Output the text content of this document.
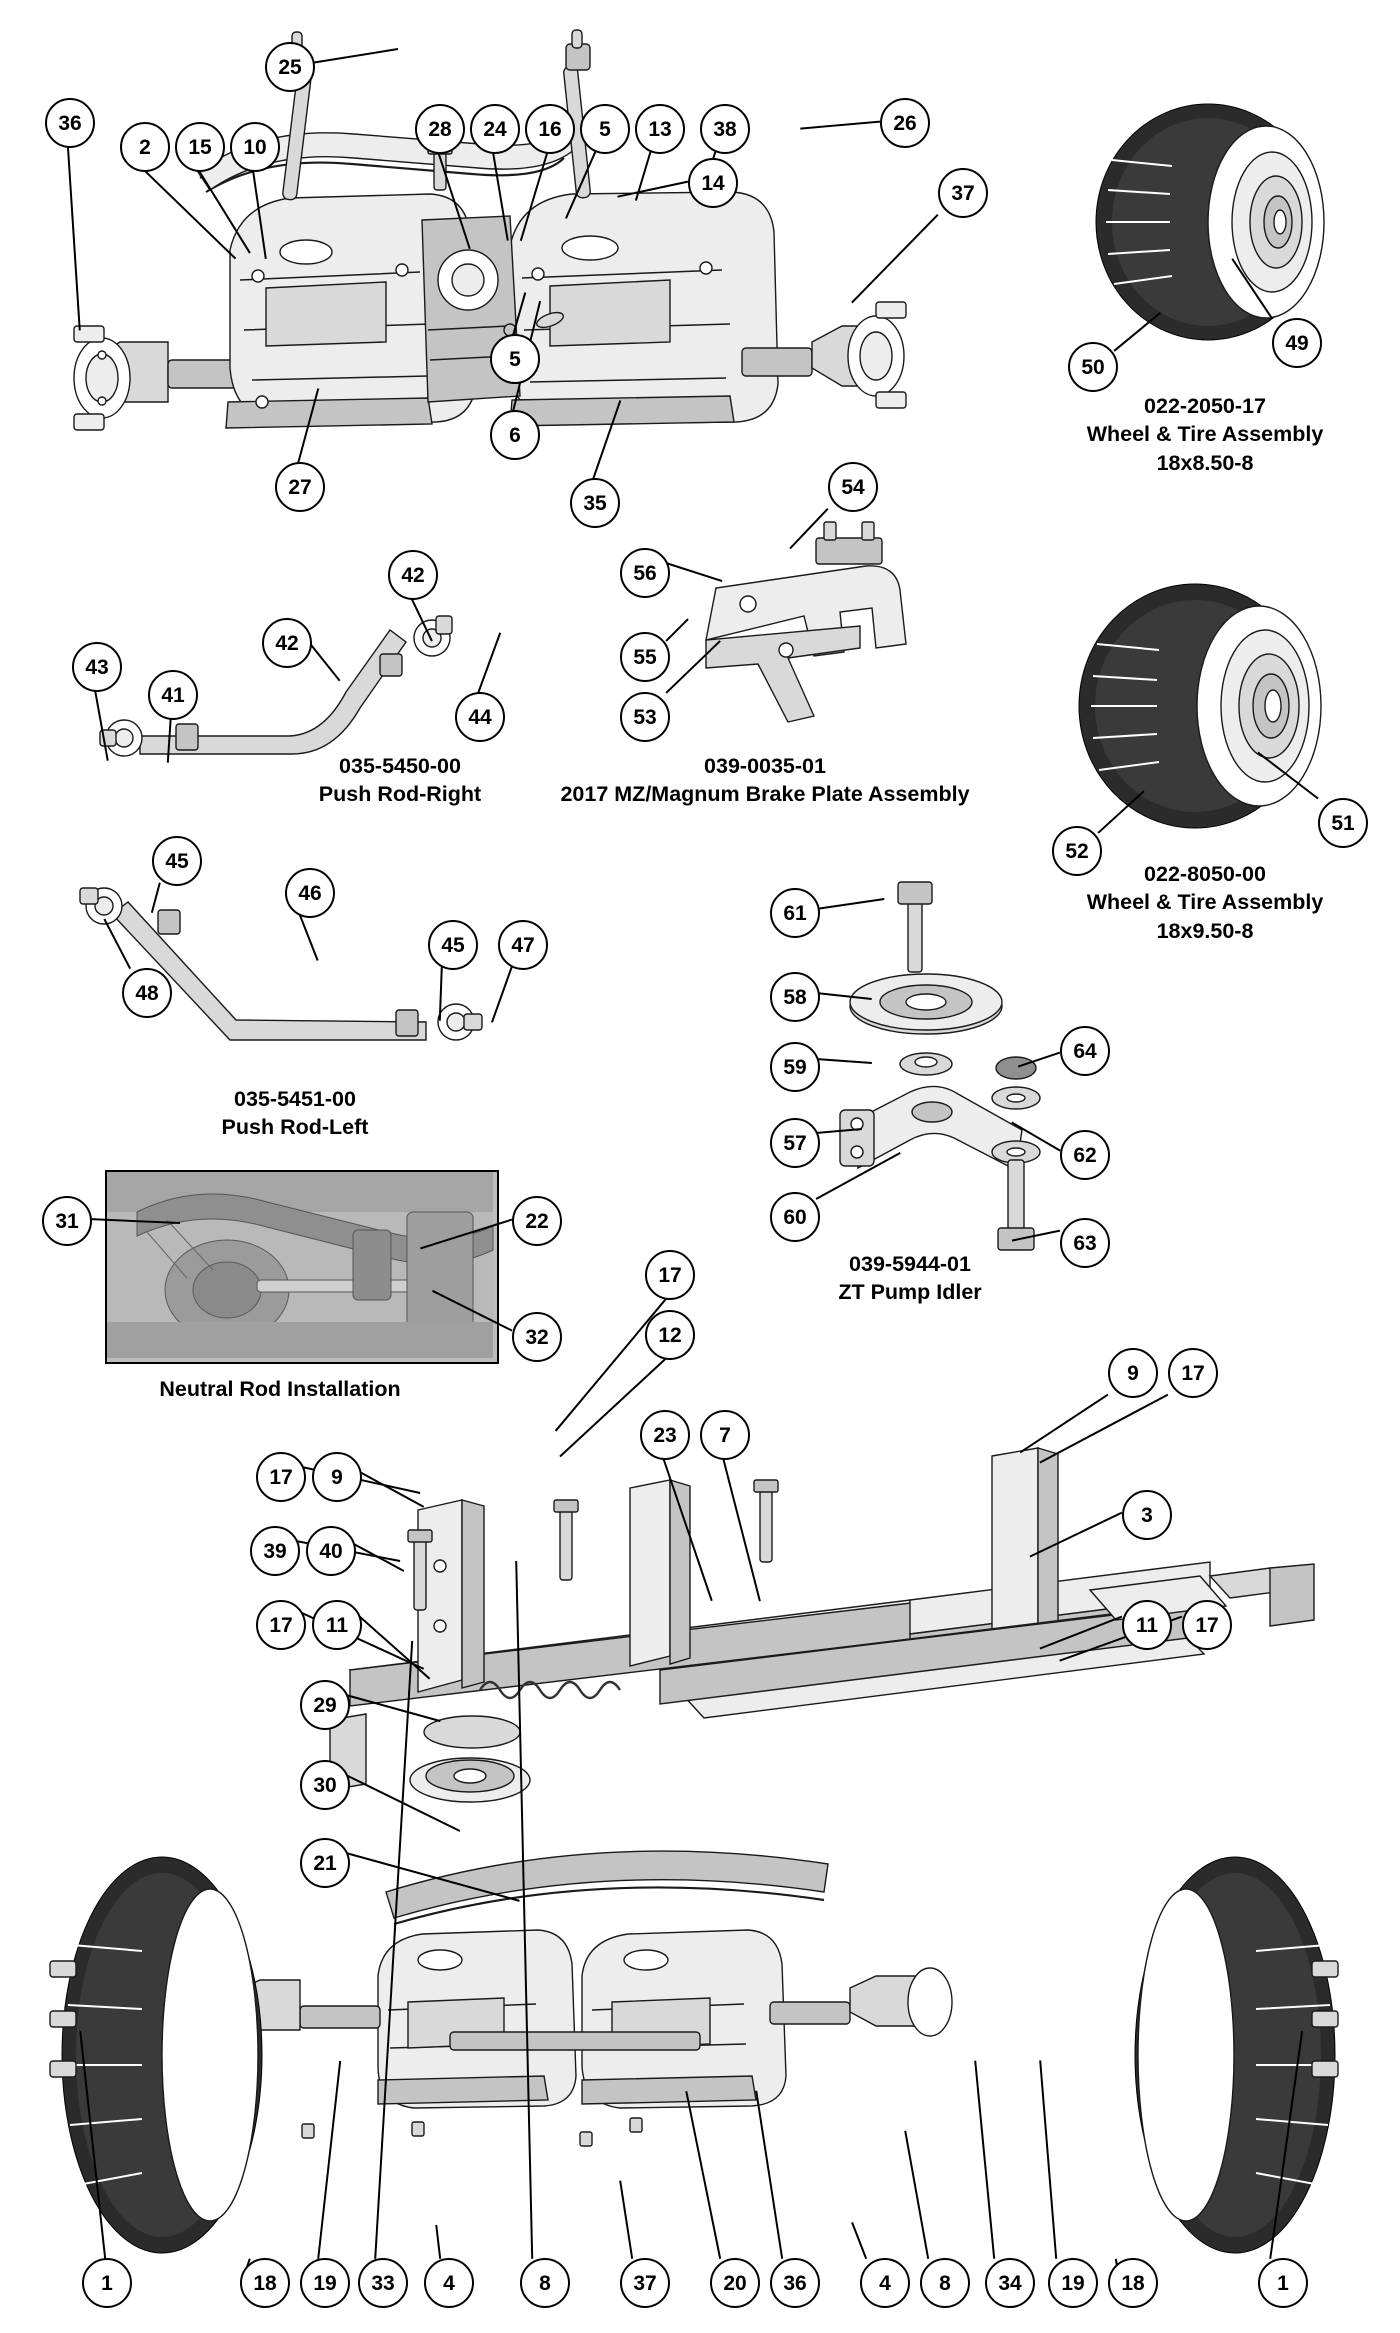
022-2050-17
Wheel & Tire Assembly
18x8.50-8
022-8050-00
Wheel & Tire Assembly
18x9.50-8
035-5450-00
Push Rod-Right
039-0035-01
2017 MZ/Magnum Brake Plate Assembly
035-5451-00
Push Rod-Left
039-5944-01
ZT Pump Idler
Neutral Rod Installation
36
2	15	10
25
28	24	16	5	13	38
14
26
37
5
6
27
35
50
49
52
51
42
42
43
41
44
54
56
55
53
45
46
48
45	47
61
58
59
57
60
64
62
63
31	22
32
17
12
23	7
9	17
3
17	9
39	40
17	11	11	17
29
30
21
1	18	19	33	4	8	37	20	36	4	8	34	19	18	1
